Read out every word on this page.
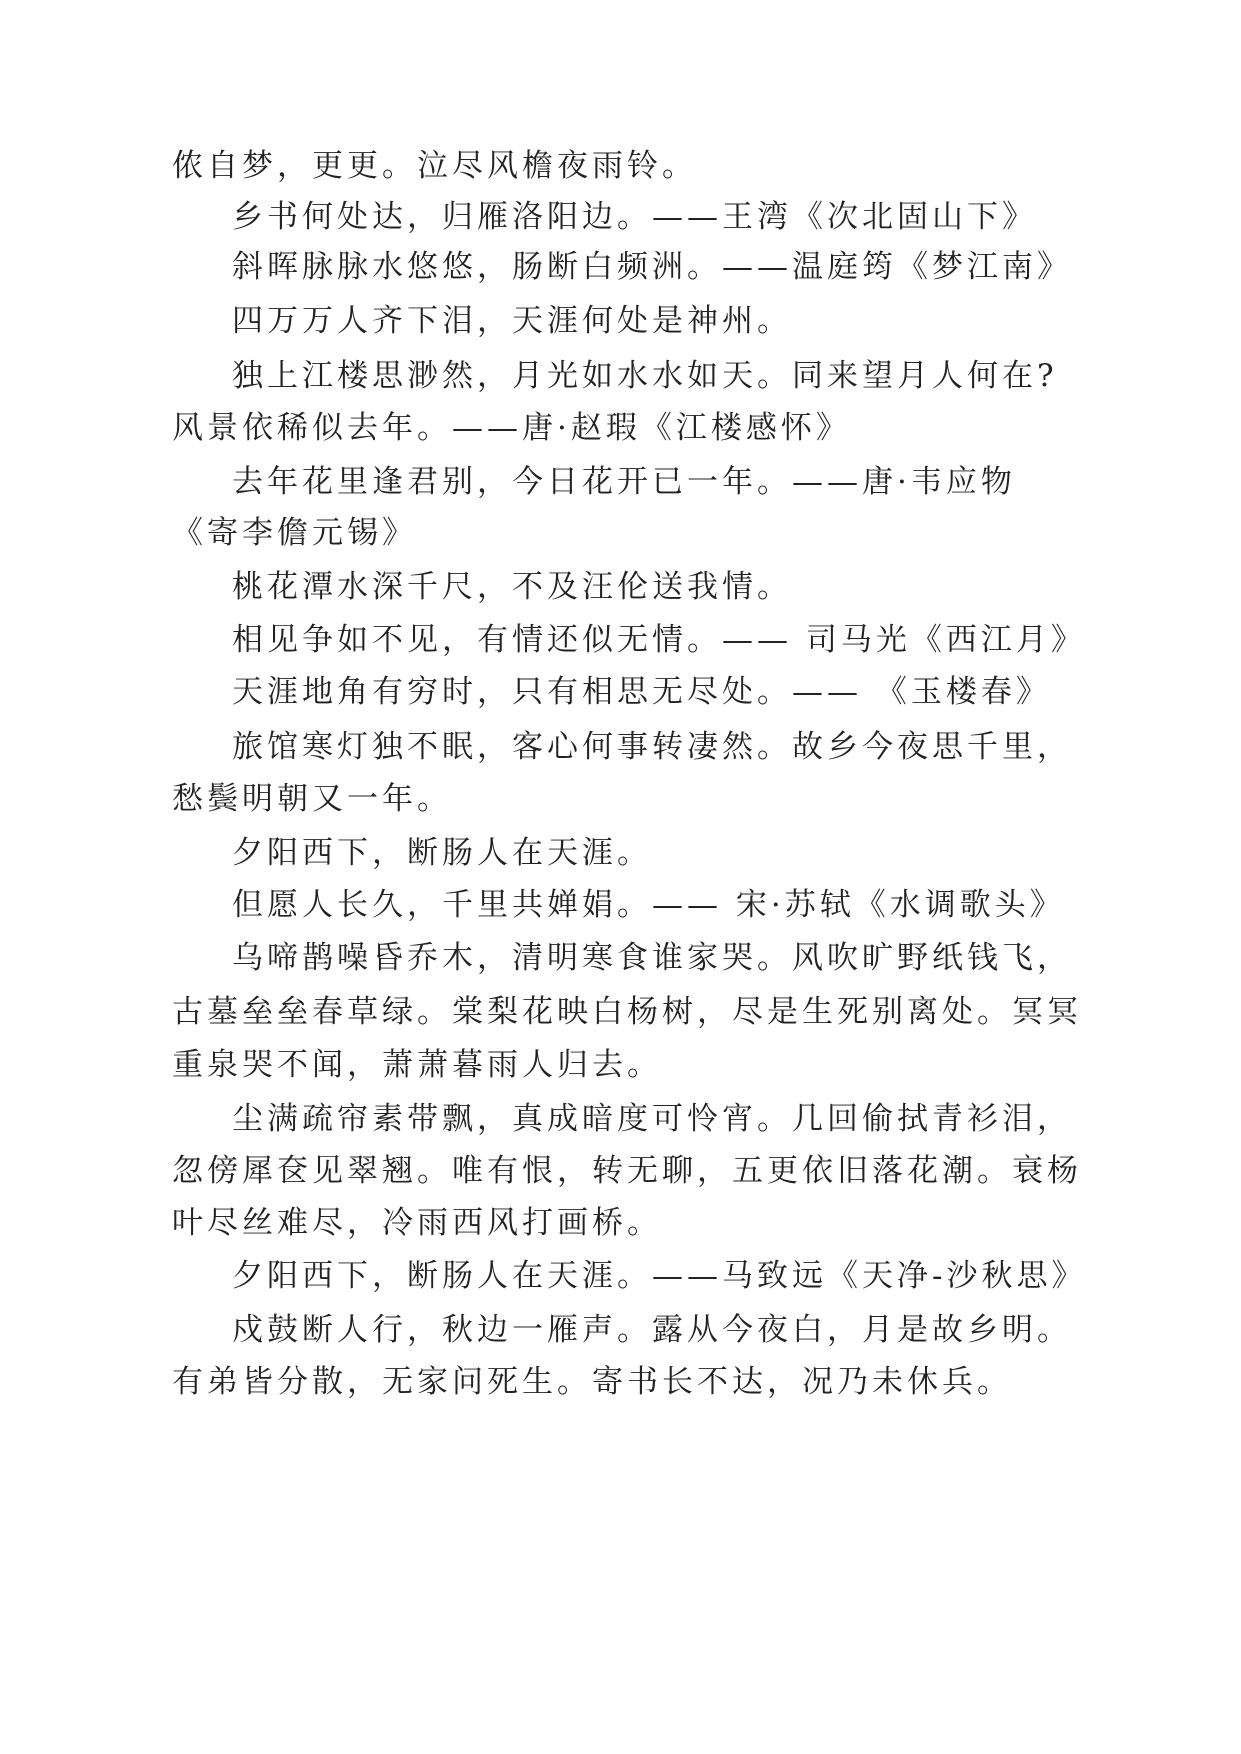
侬自梦，更更。泣尽风檐夜雨铃。
乡书何处达，归雁洛阳边。——王湾《次北固山下》
斜晖脉脉水悠悠，肠断白频洲。——温庭筠《梦江南》
四万万人齐下泪，天涯何处是神州。
独上江楼思渺然，月光如水水如天。同来望月人何在?
风景依稀似去年。——唐·赵瑕《江楼感怀》
去年花里逢君别，今日花开已一年。——唐·韦应物
《寄李儋元锡》
桃花潭水深千尺，不及汪伦送我情。
相见争如不见，有情还似无情。—— 司马光《西江月》
天涯地角有穷时，只有相思无尽处。—— 《玉楼春》
旅馆寒灯独不眠，客心何事转凄然。故乡今夜思千里，
愁鬓明朝又一年。
夕阳西下，断肠人在天涯。
但愿人长久，千里共婵娟。—— 宋·苏轼《水调歌头》
乌啼鹊噪昏乔木，清明寒食谁家哭。风吹旷野纸钱飞，
古墓垒垒春草绿。棠梨花映白杨树，尽是生死别离处。冥冥
重泉哭不闻，萧萧暮雨人归去。
尘满疏帘素带飘，真成暗度可怜宵。几回偷拭青衫泪，
忽傍犀奁见翠翘。唯有恨，转无聊，五更依旧落花潮。衰杨
叶尽丝难尽，冷雨西风打画桥。
夕阳西下，断肠人在天涯。——马致远《天净-沙秋思》
戍鼓断人行，秋边一雁声。露从今夜白，月是故乡明。
有弟皆分散，无家问死生。寄书长不达，况乃未休兵。
